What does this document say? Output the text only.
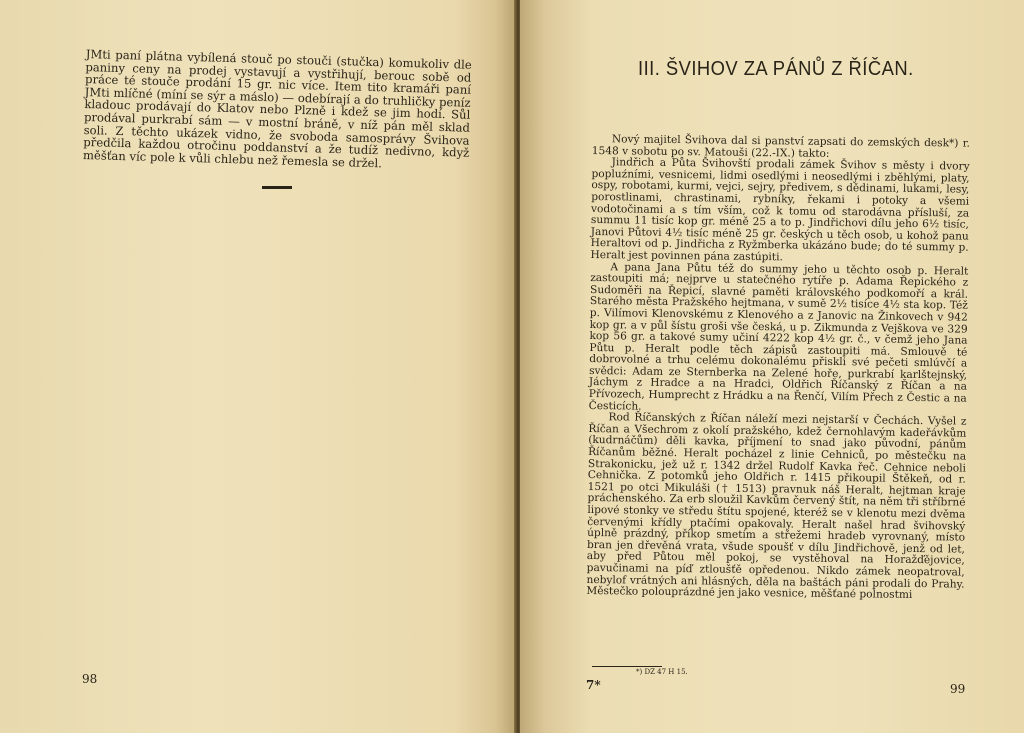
JMti paní plátna vybílená stouč po stouči (stučka) komukoliv dle paniny ceny na prodej vystavují a vystřihují, berouc sobě od práce té stouče prodání 15 gr. nic více. Item tito kramáři paní JMti mlíčné (míní se sýr a máslo) — odebírají a do truhličky peníz kladouc prodávají do Klatov nebo Plzně i kdež se jim hodí. Sůl prodával purkrabí sám — v mostní bráně, v níž pán měl sklad soli. Z těchto ukázek vidno, že svoboda samosprávy Švihova předčila každou otročinu poddanství a že tudíž nedivno, když měšťan víc pole k vůli chlebu než řemesla se držel.

98
III. ŠVIHOV ZA PÁNŮ Z ŘÍČAN.

Nový majitel Švihova dal si panství zapsati do zemských desk*) r. 1548 v sobotu po sv. Matouši (22.-IX.) takto:

Jindřich a Půta Švihovští prodali zámek Švihov s městy i dvory popluźními, vesnicemi, lidmi osedlými i neosedlými i zběhlými, platy, ospy, robotami, kurmi, vejci, sejry, předivem, s dědinami, lukami, lesy, porostlinami, chrastinami, rybníky, řekami i potoky a všemi vodotočinami a s tím vším, což k tomu od starodávna přísluší, za summu 11 tisíc kop gr. méně 25 a to p. Jindřichovi dílu jeho 6½ tisíc, Janovi Půtovi 4½ tisíc méně 25 gr. českých u těch osob, u kohož panu Heraltovi od p. Jindřicha z Ryžmberka ukázáno bude; do té summy p. Heralt jest povinnen pána zastúpiti.

A pana Jana Půtu též do summy jeho u těchto osob p. Heralt zastoupiti má; nejprve u statečného rytíře p. Adama Řepického z Sudoměři na Řepicí, slavné paměti královského podkomoří a král. Starého města Pražského hejtmana, v sumě 2½ tisíce 4½ sta kop. Též p. Vilímovi Klenovskému z Klenového a z Janovic na Žinkovech v 942 kop gr. a v půl šístu groši vše česká, u p. Zikmunda z Vejškova ve 329 kop 56 gr. a takové sumy učiní 4222 kop 4½ gr. č., v čemž jeho Jana Půtu p. Heralt podle těch zápisů zastoupiti má. Smlouvě té dobrovolné a trhu celému dokonalému přiskli své pečeti smlúvčí a svědci: Adam ze Sternberka na Zelené hoře, purkrabí karlštejnský, Jáchym z Hradce a na Hradci, Oldřich Říčanský z Říčan a na Přívozech, Humprecht z Hrádku a na Řenčí, Vilím Přech z Čestic a na Česticích.

Rod Říčanských z Říčan náleží mezi nejstarší v Čechách. Vyšel z Říčan a Všechrom z okolí pražského, kdež černohlavým kadeřávkům (kudrnáčům) děli kavka, příjmení to snad jako původní, pánům Říčanům běžné. Heralt pocházel z linie Cehniců, po městečku na Strakonicku, jež už r. 1342 držel Rudolf Kavka řeč. Cehnice neboli Cehnička. Z potomků jeho Oldřich r. 1415 přikoupil Štěkeň, od r. 1521 po otci Mikuláši († 1513) pravnuk náš Heralt, hejtman kraje práchenského. Za erb sloužil Kavkům červený štít, na něm tři stříbrné lipové stonky ve středu štítu spojené, kteréž se v klenotu mezi dvěma červenými křídly ptačími opakovaly. Heralt našel hrad švihovský úplně prázdný, příkop smetím a střežemi hradeb vyrovnaný, místo bran jen dřevěná vrata, všude spoušť v dílu Jindřichově, jenž od let, aby před Půtou měl pokoj, se vystěhoval na Horažďějovice, pavučinami na píď ztloušťě opředenou. Nikdo zámek neopatroval, nebylof vrátných ani hlásných, děla na baštách páni prodali do Prahy. Městečko polouprázdné jen jako vesnice, měšťané polnostmi

*) DZ 47 H 15.
7*	99
